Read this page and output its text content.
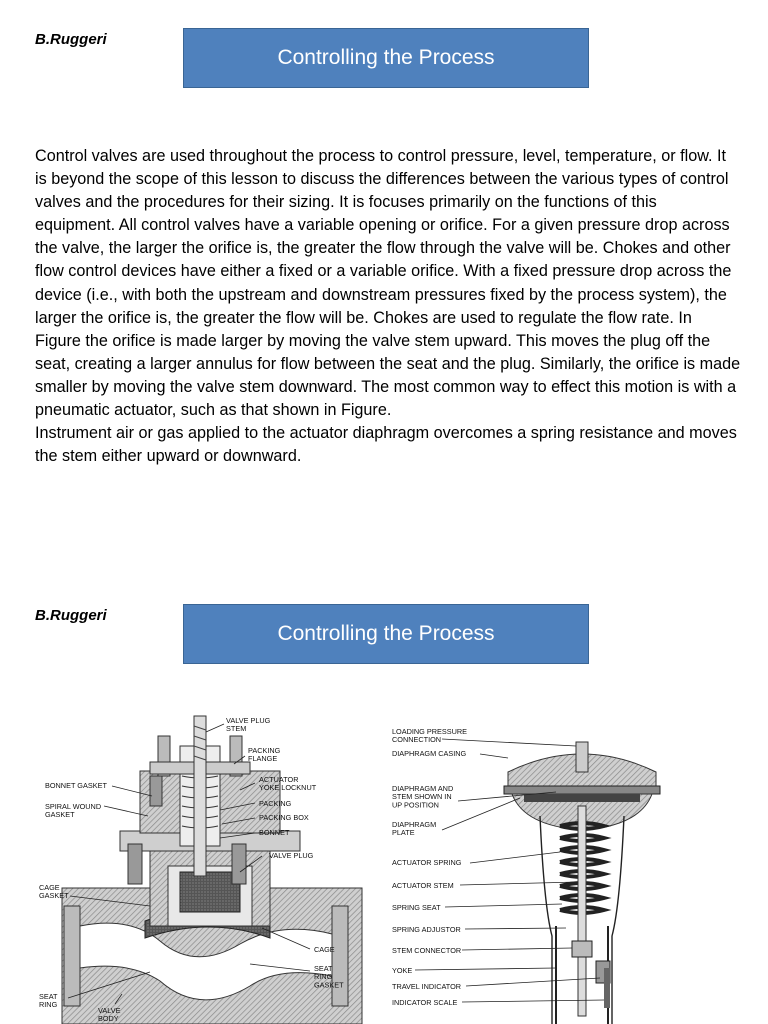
B.Ruggeri
Controlling the Process

Control valves are used throughout the process to control pressure, level, temperature, or flow. It is beyond the scope of this lesson to discuss the differences between the various types of control valves and the procedures for their sizing. It is focuses primarily on the functions of this equipment. All control valves have a variable opening or orifice. For a given pressure drop across the valve, the larger the orifice is, the greater the flow through the valve will be. Chokes and other flow control devices have either a fixed or a variable orifice. With a fixed pressure drop across the device (i.e., with both the upstream and downstream pressures fixed by the process system), the larger the orifice is, the greater the flow will be. Chokes are used to regulate the flow rate. In Figure the orifice is made larger by moving the valve stem upward. This moves the plug off the seat, creating a larger annulus for flow between the seat and the plug. Similarly, the orifice is made smaller by moving the valve stem downward. The most common way to effect this motion is with a pneumatic actuator, such as that shown in Figure.

Instrument air or gas applied to the actuator diaphragm overcomes a spring resistance and moves the stem either upward or downward.

B.Ruggeri
Controlling the Process
VALVE PLUG STEM
PACKING FLANGE
BONNET GASKET
ACTUATOR YOKE LOCKNUT
SPIRAL WOUND GASKET
PACKING
PACKING BOX
BONNET
VALVE PLUG
CAGE GASKET
CAGE
SEAT RING GASKET
SEAT RING
VALVE BODY
LOADING PRESSURE CONNECTION
DIAPHRAGM CASING
DIAPHRAGM AND STEM SHOWN IN UP POSITION
DIAPHRAGM PLATE
ACTUATOR SPRING
ACTUATOR STEM
SPRING SEAT
SPRING ADJUSTOR
STEM CONNECTOR
YOKE
TRAVEL INDICATOR
INDICATOR SCALE
